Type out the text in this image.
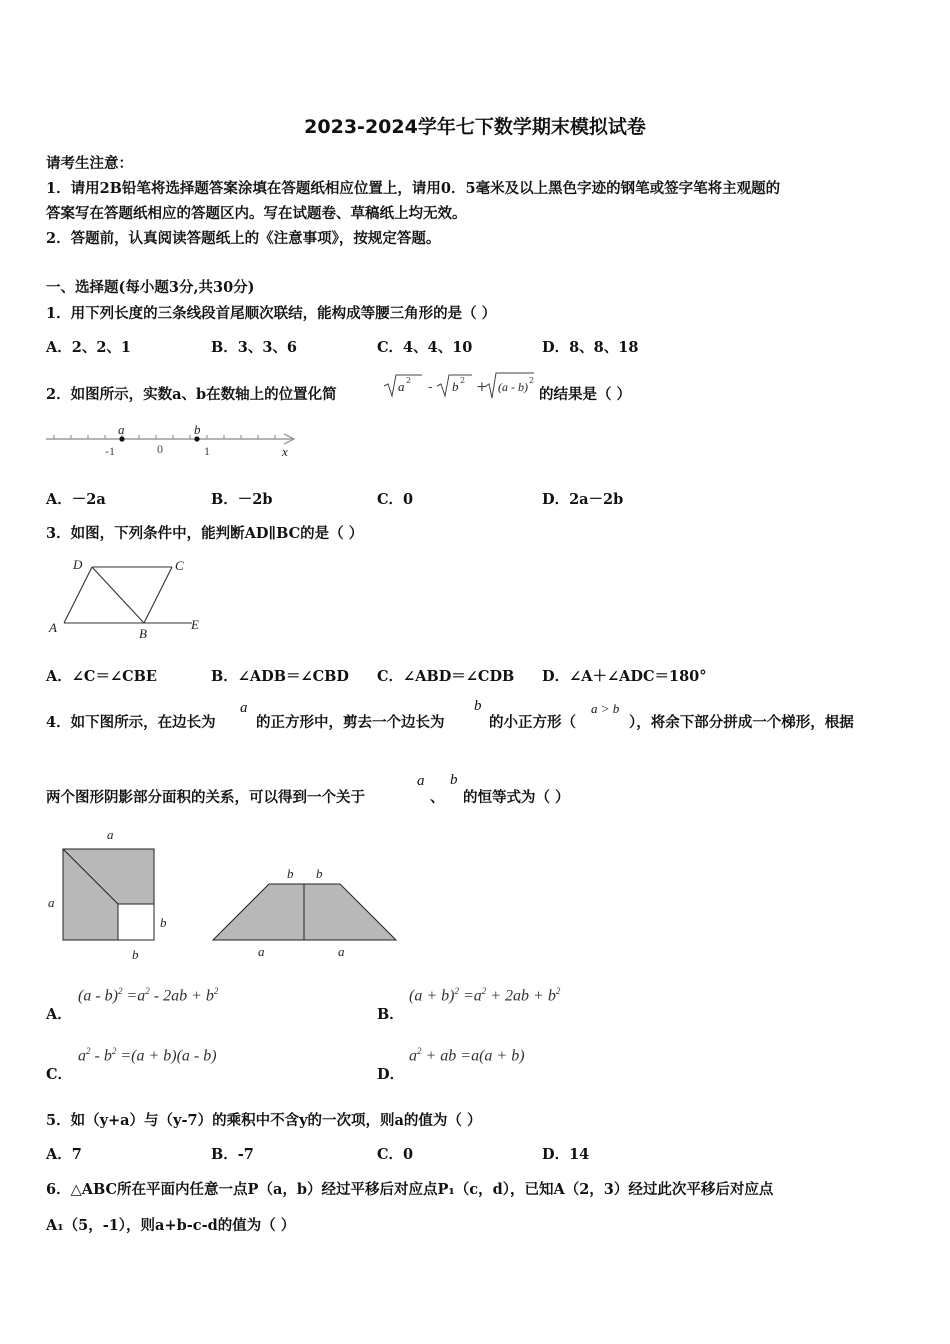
2023-2024学年七下数学期末模拟试卷
请考生注意：
1．请用2B铅笔将选择题答案涂填在答题纸相应位置上，请用0．5毫米及以上黑色字迹的钢笔或签字笔将主观题的
答案写在答题纸相应的答题区内。写在试题卷、草稿纸上均无效。
2．答题前，认真阅读答题纸上的《注意事项》，按规定答题。
一、选择题(每小题3分,共30分)
1．用下列长度的三条线段首尾顺次联结，能构成等腰三角形的是（ ）
A．2、2、1	B．3、3、6	C．4、4、10	D．8、8、18
2．如图所示，实数a、b在数轴上的位置化简	a 2 - b 2 + (a - b) 2
的结果是（ ）
a	b
-1	0	1	x
A．－2a	B．－2b	C．0	D．2a－2b
3．如图，下列条件中，能判断AD∥BC的是（ ）
D	C
A	B
E
A．∠C＝∠CBE	B．∠ADB＝∠CBD C．∠ABD＝∠CDB D．∠A＋∠ADC＝180°
4．如下图所示，在边长为
a
的正方形中，剪去一个边长为
b
的小正方形（
a > b
），将余下部分拼成一个梯形，根据
两个图形阴影部分面积的关系，可以得到一个关于
a
、
b
的恒等式为（ ）
a
a
b
b
b b
a	a
A．
$(a - b)^2 =a^2 - 2ab + b^2$
B．
$(a + b)^2 =a^2 + 2ab + b^2$
C．
$a^2 - b^2 =(a + b)(a - b)$
D．
$a^2$ + ab =a(a + b)
5．如（y+a）与（y-7）的乘积中不含y的一次项，则a的值为（ ）
A．7	B．-7	C．0	D．14
6．△ABC所在平面内任意一点P（a，b）经过平移后对应点P₁（c，d），已知A（2，3）经过此次平移后对应点
A₁（5，-1），则a+b-c-d的值为（ ）
